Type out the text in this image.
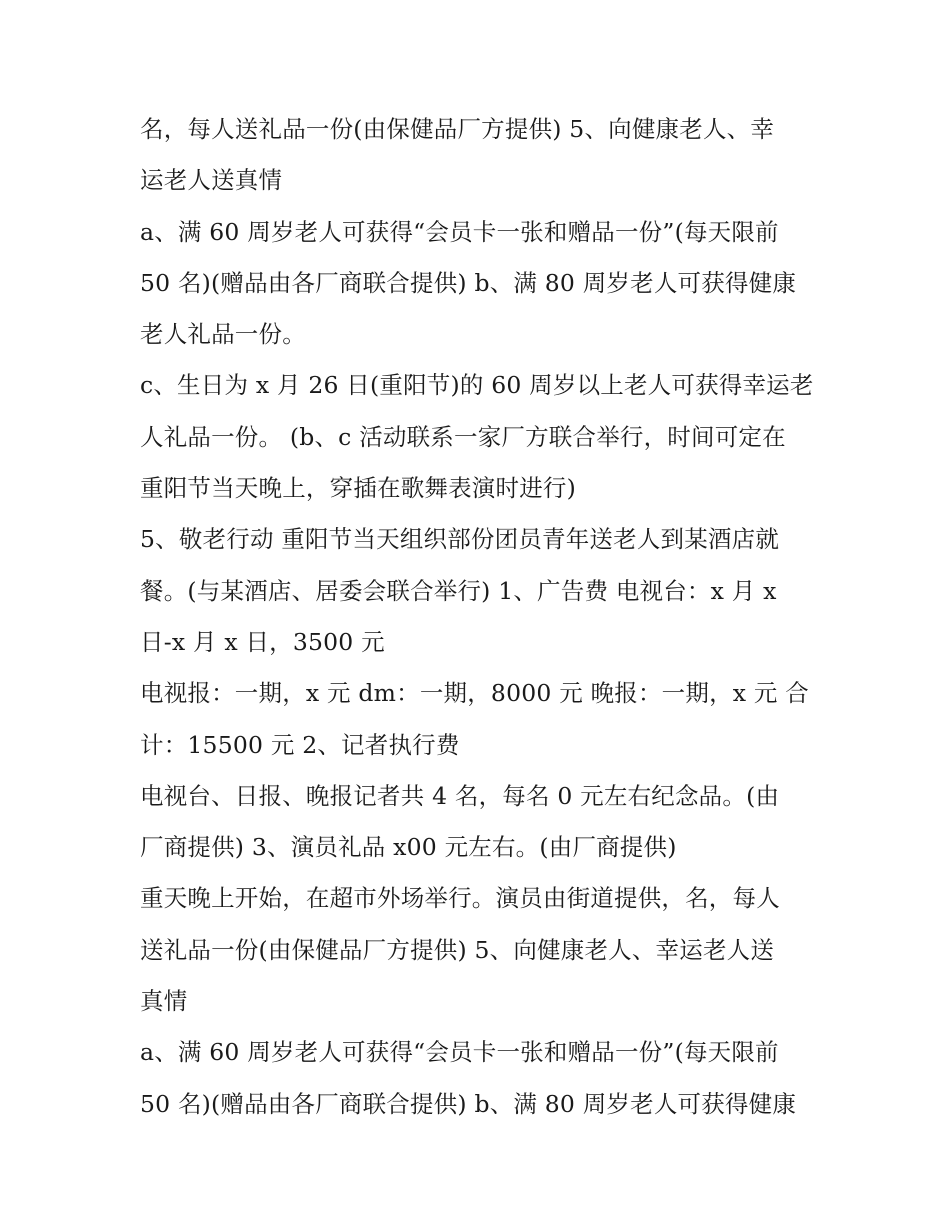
名，每人送礼品一份(由保健品厂方提供) 5、向健康老人、幸
运老人送真情
a、满 60 周岁老人可获得“会员卡一张和赠品一份”(每天限前
50 名)(赠品由各厂商联合提供) b、满 80 周岁老人可获得健康
老人礼品一份。
c、生日为 x 月 26 日(重阳节)的 60 周岁以上老人可获得幸运老
人礼品一份。 (b、c 活动联系一家厂方联合举行，时间可定在
重阳节当天晚上，穿插在歌舞表演时进行)
5、敬老行动 重阳节当天组织部份团员青年送老人到某酒店就
餐。(与某酒店、居委会联合举行) 1、广告费 电视台：x 月 x
日-x 月 x 日，3500 元
电视报：一期，x 元 dm：一期，8000 元 晚报：一期，x 元 合
计：15500 元 2、记者执行费
电视台、日报、晚报记者共 4 名，每名 0 元左右纪念品。(由
厂商提供) 3、演员礼品 x00 元左右。(由厂商提供)
重天晚上开始，在超市外场举行。演员由街道提供，名，每人
送礼品一份(由保健品厂方提供) 5、向健康老人、幸运老人送
真情
a、满 60 周岁老人可获得“会员卡一张和赠品一份”(每天限前
50 名)(赠品由各厂商联合提供) b、满 80 周岁老人可获得健康
